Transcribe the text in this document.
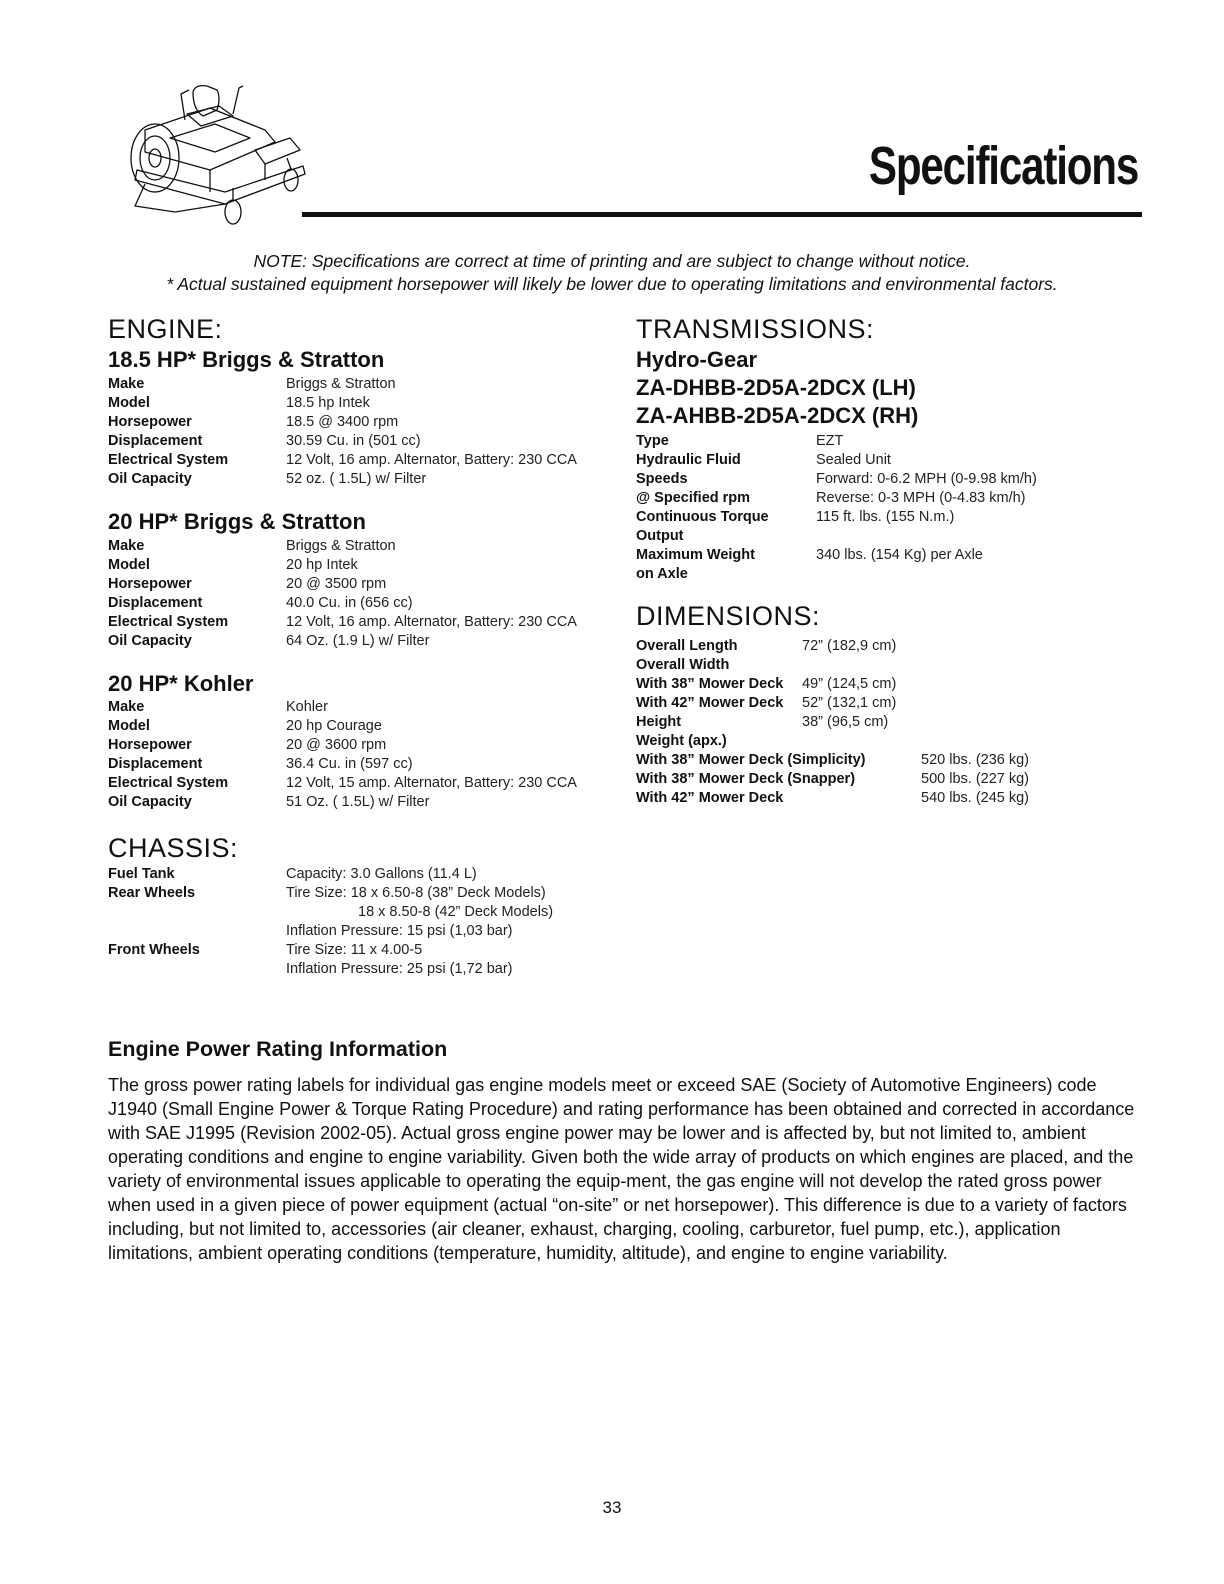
Specifications
NOTE: Specifications are correct at time of printing and are subject to change without notice.
* Actual sustained equipment horsepower will likely be lower due to operating limitations and environmental factors.
ENGINE:
18.5 HP* Briggs & Stratton
Make	Briggs & Stratton
Model	18.5 hp Intek
Horsepower	18.5 @ 3400 rpm
Displacement	30.59 Cu. in (501 cc)
Electrical System	12 Volt, 16 amp. Alternator, Battery: 230 CCA
Oil Capacity	52 oz. ( 1.5L) w/ Filter
20 HP* Briggs & Stratton
Make	Briggs & Stratton
Model	20 hp Intek
Horsepower	20 @ 3500 rpm
Displacement	40.0 Cu. in (656 cc)
Electrical System	12 Volt, 16 amp. Alternator, Battery: 230 CCA
Oil Capacity	64 Oz. (1.9 L) w/ Filter
20 HP* Kohler
Make	Kohler
Model	20 hp Courage
Horsepower	20 @ 3600 rpm
Displacement	36.4 Cu. in (597 cc)
Electrical System	12 Volt, 15 amp. Alternator, Battery: 230 CCA
Oil Capacity	51 Oz. ( 1.5L) w/ Filter
CHASSIS:
Fuel Tank	Capacity: 3.0 Gallons (11.4 L)
Rear Wheels	Tire Size: 18 x 6.50-8 (38” Deck Models)
	18 x 8.50-8 (42” Deck Models)
	Inflation Pressure: 15 psi (1,03 bar)
Front Wheels	Tire Size: 11 x 4.00-5
	Inflation Pressure: 25 psi (1,72 bar)
TRANSMISSIONS:
Hydro-Gear
ZA-DHBB-2D5A-2DCX (LH)
ZA-AHBB-2D5A-2DCX (RH)
Type	EZT
Hydraulic Fluid	Sealed Unit
Speeds	Forward: 0-6.2 MPH (0-9.98 km/h)
@ Specified rpm	Reverse: 0-3 MPH (0-4.83 km/h)
Continuous Torque	115 ft. lbs. (155 N.m.)
Output	
Maximum Weight	340 lbs. (154 Kg) per Axle
on Axle	
DIMENSIONS:
Overall Length	72” (182,9 cm)
Overall Width	
With 38” Mower Deck	49” (124,5 cm)
With 42” Mower Deck	52” (132,1 cm)
Height	38” (96,5 cm)
Weight (apx.)	
With 38” Mower Deck (Simplicity)	520 lbs. (236 kg)
With 38” Mower Deck (Snapper)	500 lbs. (227 kg)
With 42” Mower Deck	540 lbs. (245 kg)
Engine Power Rating Information

The gross power rating labels for individual gas engine models meet or exceed SAE (Society of Automotive Engineers) code J1940 (Small Engine Power & Torque Rating Procedure) and rating performance has been obtained and corrected in accordance with SAE J1995 (Revision 2002-05). Actual gross engine power may be lower and is affected by, but not limited to, ambient operating conditions and engine to engine variability. Given both the wide array of products on which engines are placed, and the variety of environmental issues applicable to operating the equip-ment, the gas engine will not develop the rated gross power when used in a given piece of power equipment (actual “on-site” or net horsepower). This difference is due to a variety of factors including, but not limited to, accessories (air cleaner, exhaust, charging, cooling, carburetor, fuel pump, etc.), application limitations, ambient operating conditions (temperature, humidity, altitude), and engine to engine variability.

33
